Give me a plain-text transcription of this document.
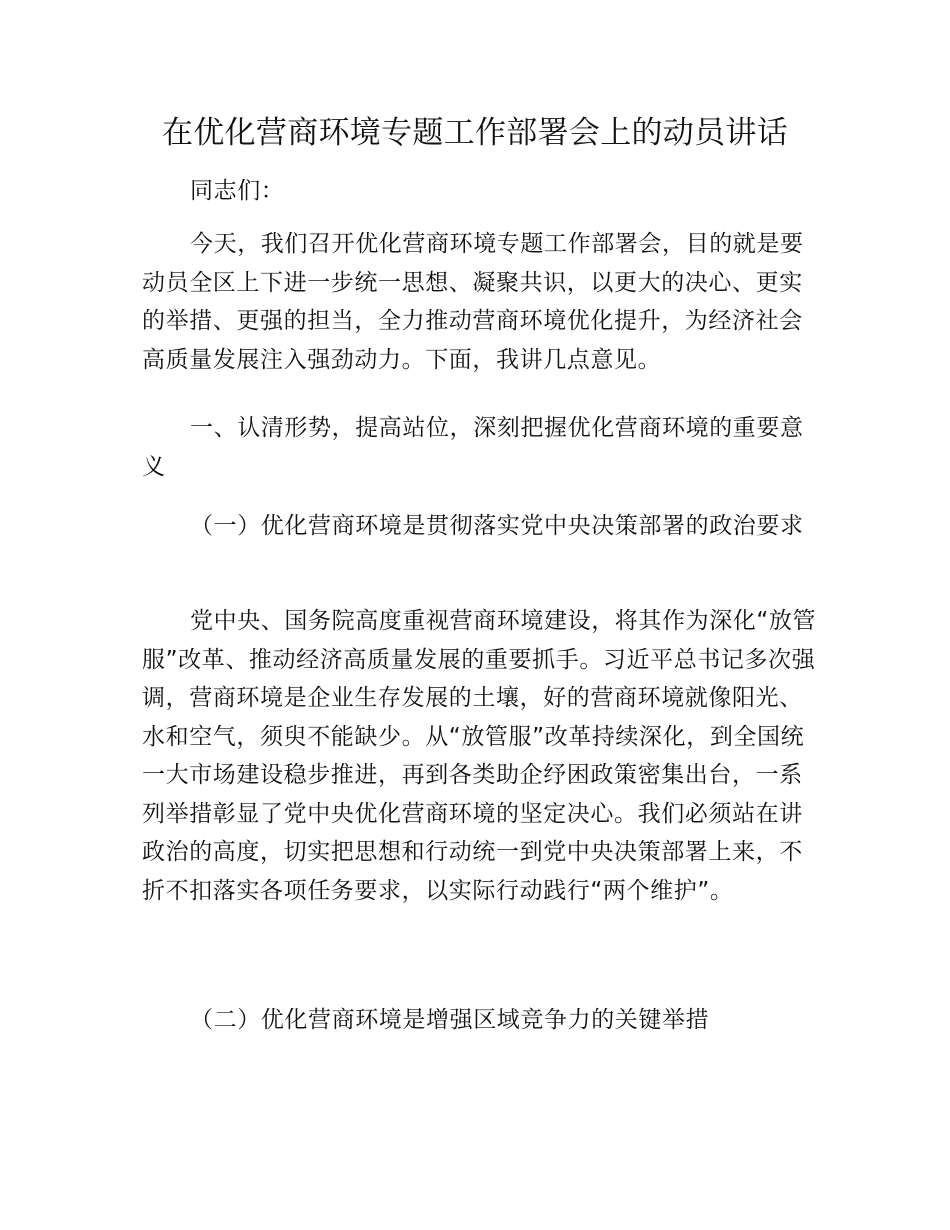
在优化营商环境专题工作部署会上的动员讲话

同志们：

今天，我们召开优化营商环境专题工作部署会，目的就是要动员全区上下进一步统一思想、凝聚共识，以更大的决心、更实的举措、更强的担当，全力推动营商环境优化提升，为经济社会高质量发展注入强劲动力。下面，我讲几点意见。

一、认清形势，提高站位，深刻把握优化营商环境的重要意义

（一）优化营商环境是贯彻落实党中央决策部署的政治要求

党中央、国务院高度重视营商环境建设，将其作为深化“放管服”改革、推动经济高质量发展的重要抓手。习近平总书记多次强调，营商环境是企业生存发展的土壤，好的营商环境就像阳光、水和空气，须臾不能缺少。从“放管服”改革持续深化，到全国统一大市场建设稳步推进，再到各类助企纾困政策密集出台，一系列举措彰显了党中央优化营商环境的坚定决心。我们必须站在讲政治的高度，切实把思想和行动统一到党中央决策部署上来，不折不扣落实各项任务要求，以实际行动践行“两个维护”。

（二）优化营商环境是增强区域竞争力的关键举措
